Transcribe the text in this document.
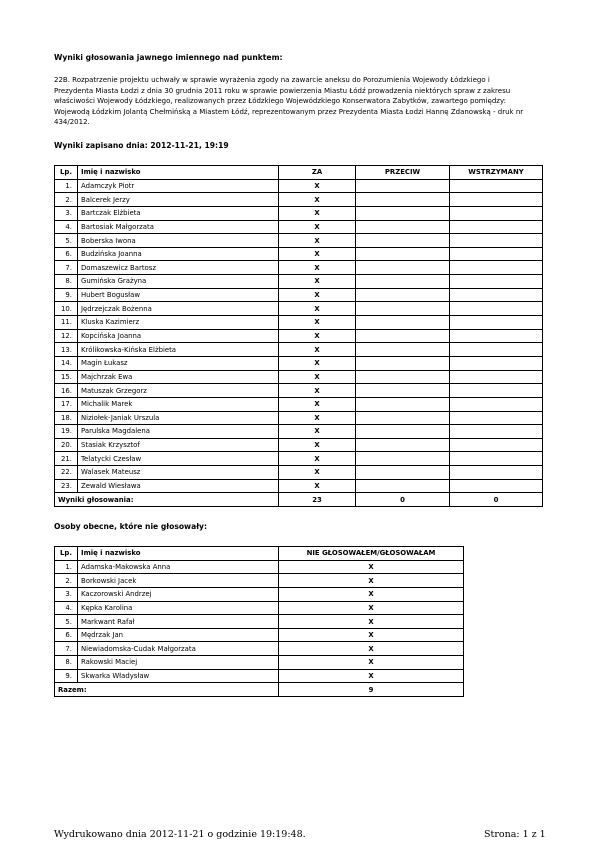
Wyniki głosowania jawnego imiennego nad punktem:
22B. Rozpatrzenie projektu uchwały w sprawie wyrażenia zgody na zawarcie aneksu do Porozumienia Wojewody Łódzkiego i Prezydenta Miasta Łodzi z dnia 30 grudnia 2011 roku w sprawie powierzenia Miastu Łódź prowadzenia niektórych spraw z zakresu właściwości Wojewody Łódzkiego, realizowanych przez Łódzkiego Wojewódzkiego Konserwatora Zabytków, zawartego pomiędzy: Wojewodą Łódzkim Jolantą Chełmińską a Miastem Łódź, reprezentowanym przez Prezydenta Miasta Łodzi Hannę Zdanowską - druk nr 434/2012.
Wyniki zapisano dnia: 2012-11-21, 19:19
Lp.	Imię i nazwisko	ZA	PRZECIW	WSTRZYMANY
1.	Adamczyk Piotr	X		
2.	Balcerek Jerzy	X		
3.	Bartczak Elżbieta	X		
4.	Bartosiak Małgorzata	X		
5.	Boberska Iwona	X		
6.	Budzińska Joanna	X		
7.	Domaszewicz Bartosz	X		
8.	Gumińska Grażyna	X		
9.	Hubert Bogusław	X		
10.	Jędrzejczak Bożenna	X		
11.	Kluska Kazimierz	X		
12.	Kopcińska Joanna	X		
13.	Królikowska-Kińska Elżbieta	X		
14.	Magin Łukasz	X		
15.	Majchrzak Ewa	X		
16.	Matuszak Grzegorz	X		
17.	Michalik Marek	X		
18.	Niziołek-Janiak Urszula	X		
19.	Parulska Magdalena	X		
20.	Stasiak Krzysztof	X		
21.	Telatycki Czesław	X		
22.	Walasek Mateusz	X		
23.	Zewald Wiesława	X		
Wyniki głosowania:		23	0	0
Osoby obecne, które nie głosowały:
Lp.	Imię i nazwisko	NIE GŁOSOWAŁEM/GŁOSOWAŁAM
1.	Adamska-Makowska Anna	X
2.	Borkowski Jacek	X
3.	Kaczorowski Andrzej	X
4.	Kępka Karolina	X
5.	Markwant Rafał	X
6.	Mędrzak Jan	X
7.	Niewiadomska-Cudak Małgorzata	X
8.	Rakowski Maciej	X
9.	Skwarka Władysław	X
Razem:		9
Wydrukowano dnia 2012-11-21 o godzinie 19:19:48.	Strona: 1 z 1
